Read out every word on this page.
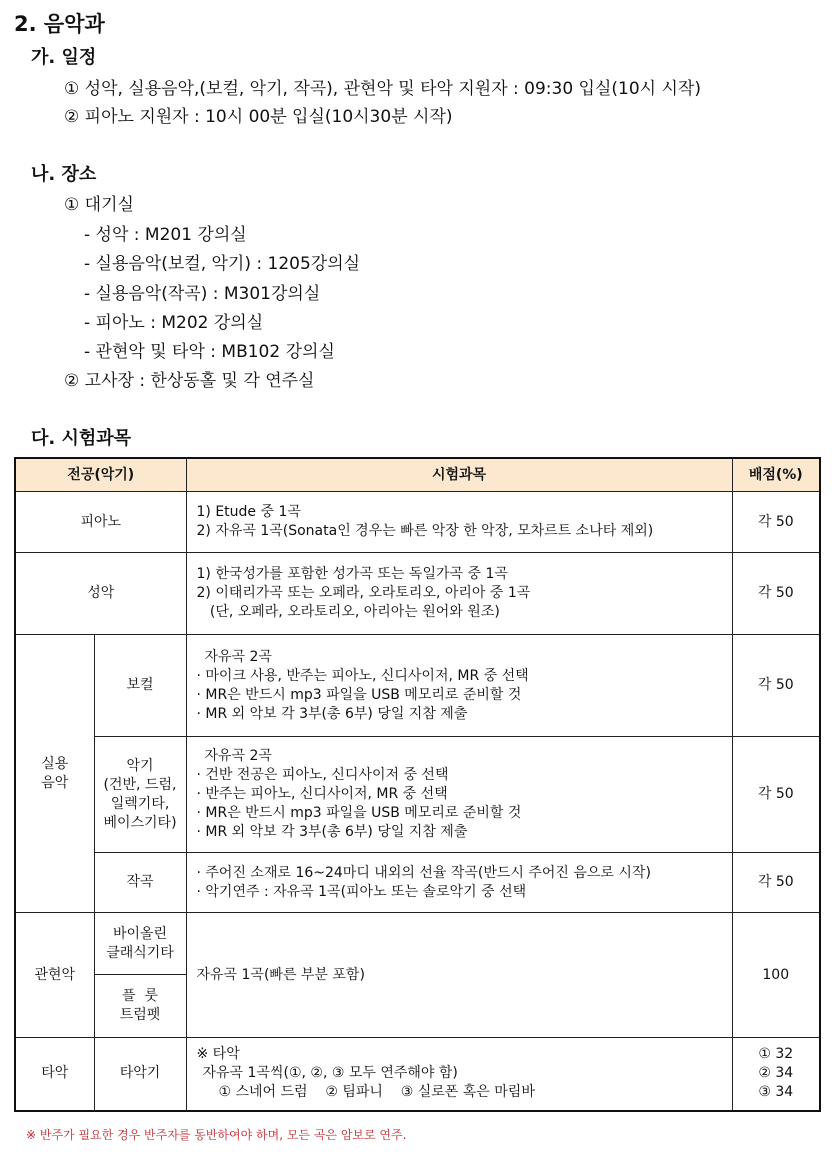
2. 음악과
가. 일정
① 성악, 실용음악,(보컬, 악기, 작곡), 관현악 및 타악 지원자 : 09:30 입실(10시 시작)
② 피아노 지원자 : 10시 00분 입실(10시30분 시작)
나. 장소
① 대기실
- 성악 : M201 강의실
- 실용음악(보컬, 악기) : 1205강의실
- 실용음악(작곡) : M301강의실
- 피아노 : M202 강의실
- 관현악 및 타악 : MB102 강의실
② 고사장 : 한상동홀 및 각 연주실
다. 시험과목
전공(악기)		시험과목	배점(%)
피아노		1) Etude 중 1곡
2) 자유곡 1곡(Sonata인 경우는 빠른 악장 한 악장, 모차르트 소나타 제외)	각 50
성악		1) 한국성가를 포함한 성가곡 또는 독일가곡 중 1곡
2) 이태리가곡 또는 오페라, 오라토리오, 아리아 중 1곡
(단, 오페라, 오라토리오, 아리아는 원어와 원조)	각 50

실용
음악	보컬	자유곡 2곡
· 마이크 사용, 반주는 피아노, 신디사이저, MR 중 선택
· MR은 반드시 mp3 파일을 USB 메모리로 준비할 것
· MR 외 악보 각 3부(총 6부) 당일 지참 제출	각 50

	악기
(건반, 드럼,
일렉기타,
베이스기타)	자유곡 2곡
· 건반 전공은 피아노, 신디사이저 중 선택
· 반주는 피아노, 신디사이저, MR 중 선택
· MR은 반드시 mp3 파일을 USB 메모리로 준비할 것
· MR 외 악보 각 3부(총 6부) 당일 지참 제출	각 50
	작곡	· 주어진 소재로 16~24마디 내외의 선율 작곡(반드시 주어진 음으로 시작)
· 악기연주 : 자유곡 1곡(피아노 또는 솔로악기 중 선택	각 50
관현악	바이올린
클래식기타	자유곡 1곡(빠른 부분 포함)	100

	플  룻
트럼펫		

타악	타악기	※ 타악
자유곡 1곡씩(①, ②, ③ 모두 연주해야 함)
① 스네어 드럼    ② 팀파니    ③ 실로폰 혹은 마림바	① 32
② 34
③ 34
※ 반주가 필요한 경우 반주자를 동반하여야 하며, 모든 곡은 암보로 연주.
